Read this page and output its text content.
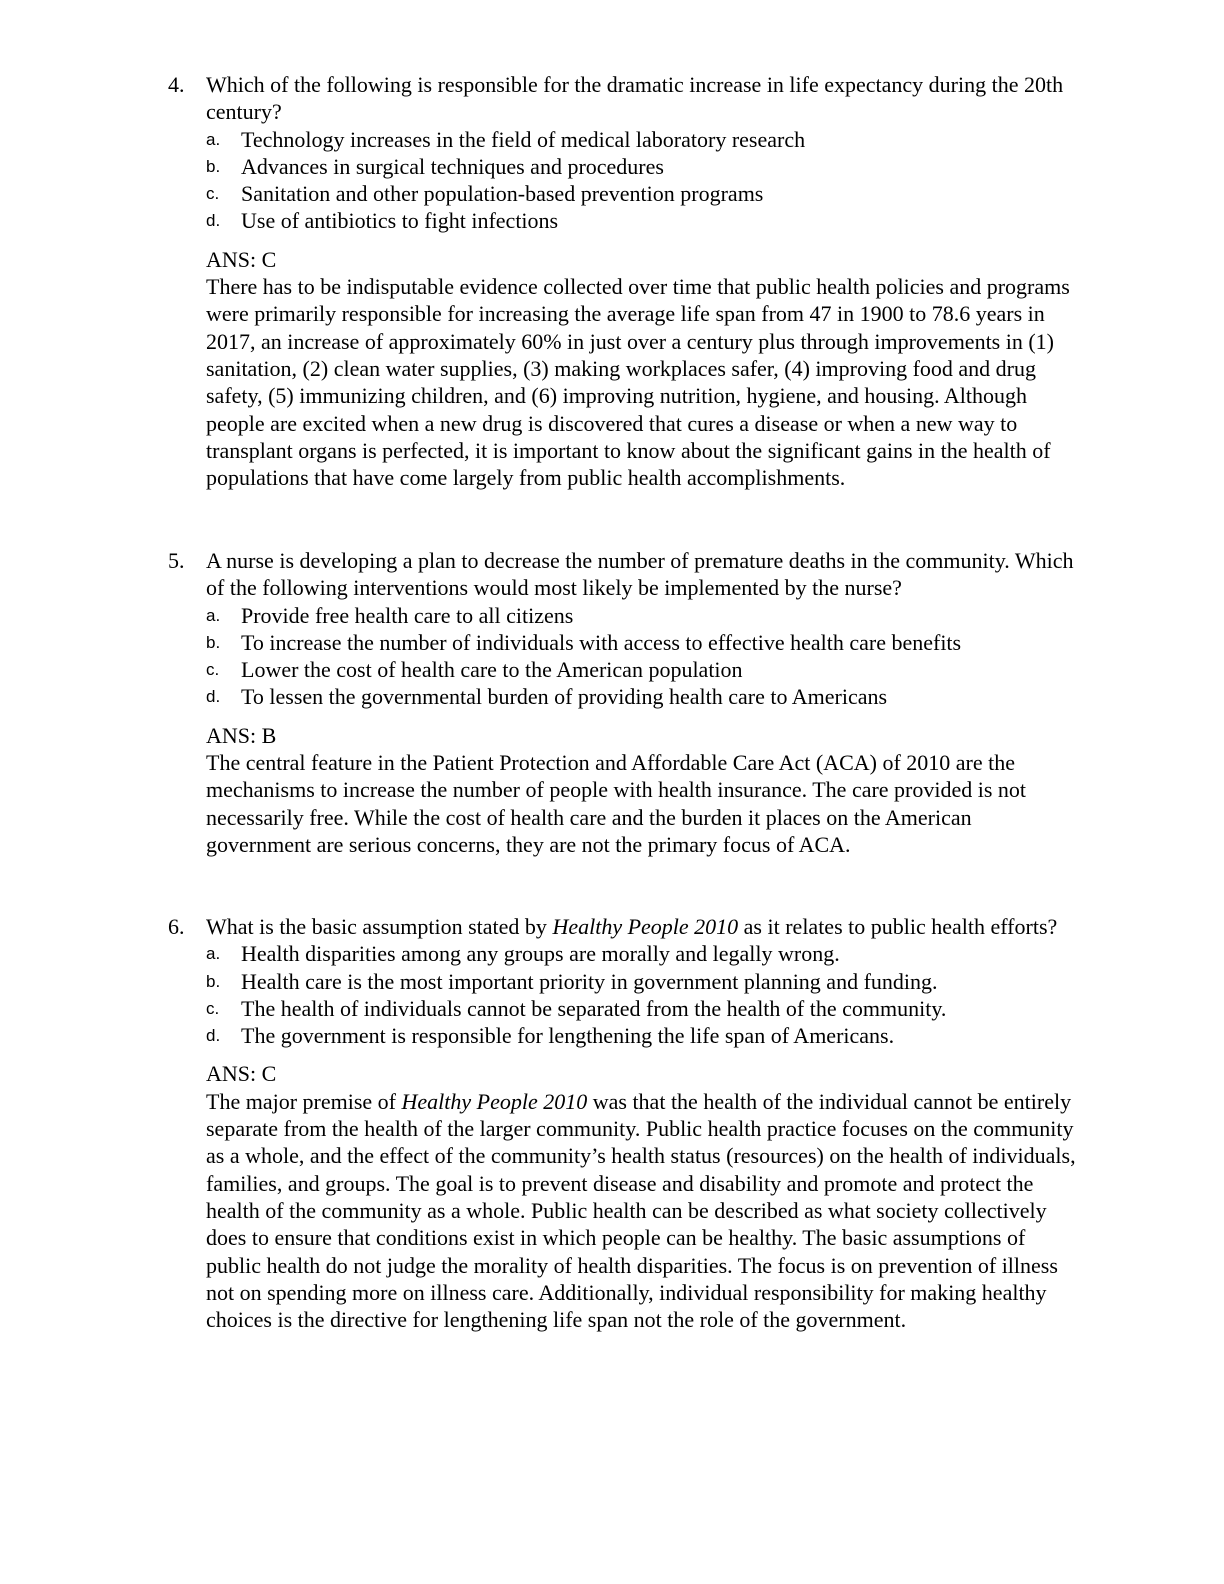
4. Which of the following is responsible for the dramatic increase in life expectancy during the 20th century?
a. Technology increases in the field of medical laboratory research
b. Advances in surgical techniques and procedures
c. Sanitation and other population-based prevention programs
d. Use of antibiotics to fight infections
ANS: C

There has to be indisputable evidence collected over time that public health policies and programs were primarily responsible for increasing the average life span from 47 in 1900 to 78.6 years in 2017, an increase of approximately 60% in just over a century plus through improvements in (1) sanitation, (2) clean water supplies, (3) making workplaces safer, (4) improving food and drug safety, (5) immunizing children, and (6) improving nutrition, hygiene, and housing. Although people are excited when a new drug is discovered that cures a disease or when a new way to transplant organs is perfected, it is important to know about the significant gains in the health of populations that have come largely from public health accomplishments.

5. A nurse is developing a plan to decrease the number of premature deaths in the community. Which of the following interventions would most likely be implemented by the nurse?
a. Provide free health care to all citizens
b. To increase the number of individuals with access to effective health care benefits
c. Lower the cost of health care to the American population
d. To lessen the governmental burden of providing health care to Americans
ANS: B

The central feature in the Patient Protection and Affordable Care Act (ACA) of 2010 are the mechanisms to increase the number of people with health insurance. The care provided is not necessarily free. While the cost of health care and the burden it places on the American government are serious concerns, they are not the primary focus of ACA.

6. What is the basic assumption stated by Healthy People 2010 as it relates to public health efforts?
a. Health disparities among any groups are morally and legally wrong.
b. Health care is the most important priority in government planning and funding.
c. The health of individuals cannot be separated from the health of the community.
d. The government is responsible for lengthening the life span of Americans.
ANS: C

The major premise of Healthy People 2010 was that the health of the individual cannot be entirely separate from the health of the larger community. Public health practice focuses on the community as a whole, and the effect of the community’s health status (resources) on the health of individuals, families, and groups. The goal is to prevent disease and disability and promote and protect the health of the community as a whole. Public health can be described as what society collectively does to ensure that conditions exist in which people can be healthy. The basic assumptions of public health do not judge the morality of health disparities. The focus is on prevention of illness not on spending more on illness care. Additionally, individual responsibility for making healthy choices is the directive for lengthening life span not the role of the government.
